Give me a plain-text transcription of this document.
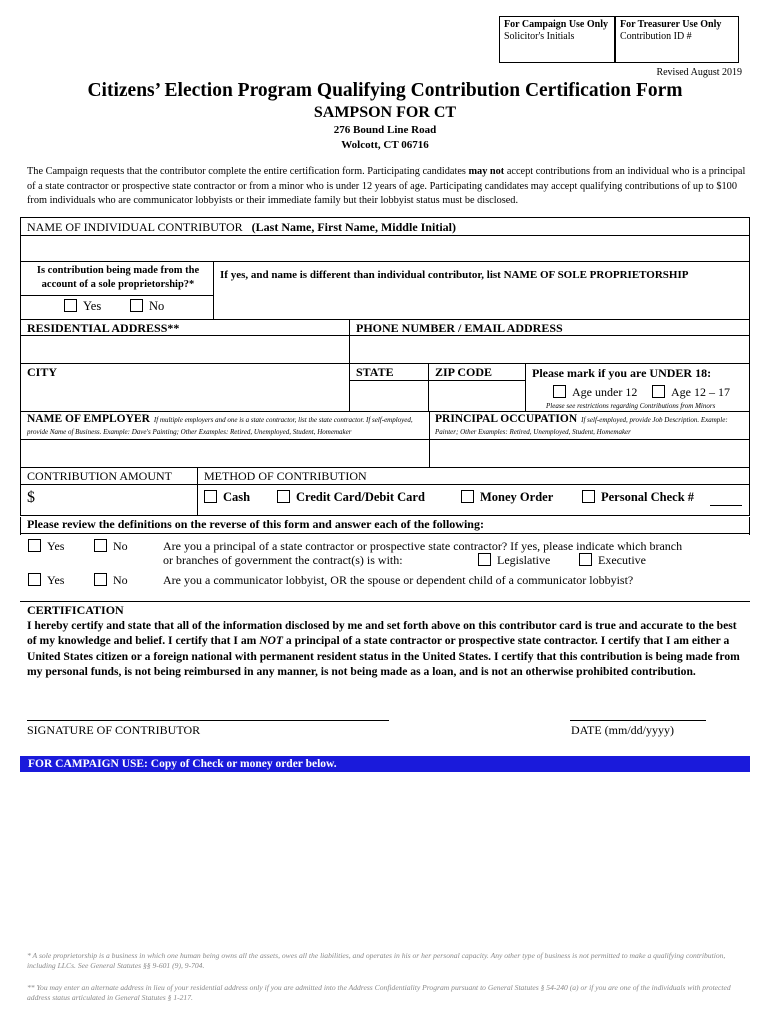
For Campaign Use Only
Solicitor's Initials
For Treasurer Use Only
Contribution ID #
Revised August 2019
Citizens’ Election Program Qualifying Contribution Certification Form
SAMPSON FOR CT
276 Bound Line Road
Wolcott, CT 06716
The Campaign requests that the contributor complete the entire certification form. Participating candidates may not accept contributions from an individual who is a principal of a state contractor or prospective state contractor or from a minor who is under 12 years of age. Participating candidates may accept qualifying contributions of up to $100 from individuals who are communicator lobbyists or their immediate family but their lobbyist status must be disclosed.
NAME OF INDIVIDUAL CONTRIBUTOR (Last Name, First Name, Middle Initial)
Is contribution being made from the account of a sole proprietorship?*
If yes, and name is different than individual contributor, list NAME OF SOLE PROPRIETORSHIP
Yes	No
RESIDENTIAL ADDRESS**	PHONE NUMBER / EMAIL ADDRESS
CITY	STATE	ZIP CODE	Please mark if you are UNDER 18:
Age under 12	Age 12 – 17
Please see restrictions regarding Contributions from Minors
NAME OF EMPLOYER If multiple employers and one is a state contractor, list the state contractor. If self-employed, provide Name of Business. Example: Dave's Painting; Other Examples: Retired, Unemployed, Student, Homemaker
PRINCIPAL OCCUPATION If self-employed, provide Job Description. Example: Painter; Other Examples: Retired, Unemployed, Student, Homemaker
CONTRIBUTION AMOUNT	METHOD OF CONTRIBUTION
$	Cash	Credit Card/Debit Card	Money Order	Personal Check #
Please review the definitions on the reverse of this form and answer each of the following:
Yes	No	Are you a principal of a state contractor or prospective state contractor? If yes, please indicate which branch or branches of government the contract(s) is with:	Legislative	Executive
Yes	No	Are you a communicator lobbyist, OR the spouse or dependent child of a communicator lobbyist?
CERTIFICATION
I hereby certify and state that all of the information disclosed by me and set forth above on this contributor card is true and accurate to the best of my knowledge and belief. I certify that I am NOT a principal of a state contractor or prospective state contractor. I certify that I am either a United States citizen or a foreign national with permanent resident status in the United States. I certify that this contribution is being made from my personal funds, is not being reimbursed in any manner, is not being made as a loan, and is not an otherwise prohibited contribution.
SIGNATURE OF CONTRIBUTOR	DATE (mm/dd/yyyy)
FOR CAMPAIGN USE: Copy of Check or money order below.
* A sole proprietorship is a business in which one human being owns all the assets, owes all the liabilities, and operates in his or her personal capacity. Any other type of business is not permitted to make a qualifying contribution, including LLCs. See General Statutes §§ 9-601 (9), 9-704.
** You may enter an alternate address in lieu of your residential address only if you are admitted into the Address Confidentiality Program pursuant to General Statutes § 54-240 (a) or if you are one of the individuals with protected address status articulated in General Statutes § 1-217.
